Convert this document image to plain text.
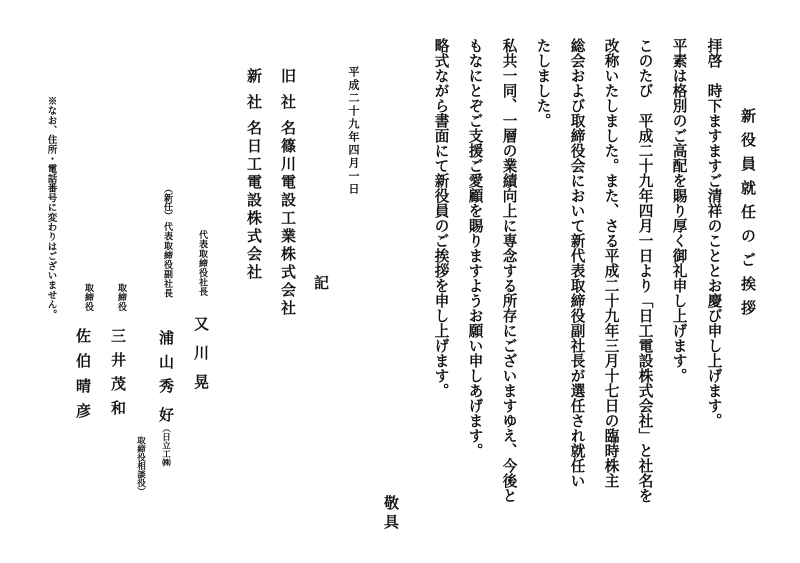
新役員就任のご挨拶
拝啓　時下ますますご清祥のこととお慶び申し上げます。
平素は格別のご高配を賜り厚く御礼申し上げます。
このたび　平成二十九年四月一日より「日工電設株式会社」と社名を
改称いたしました。また、さる平成二十九年三月十七日の臨時株主
総会および取締役会において新代表取締役副社長が選任され就任い
たしました。
私共一同、一層の業績向上に専念する所存にございますゆえ、今後と
もなにとぞご支援ご愛顧を賜りますようお願い申しあげます。
略式ながら書面にて新役員のご挨拶を申し上げます。
敬具
平成二十九年四月一日
記
旧社名
篠川電設工業株式会社
新社名
日工電設株式会社
代表取締役社長
又川晃
（新任）
代表取締役副社長
浦山秀
好
（日立工㈱
取締役相談役）
取締役
三井茂和
取締役
佐伯晴彦
※なお、住所・電話番号に変わりはございません。
